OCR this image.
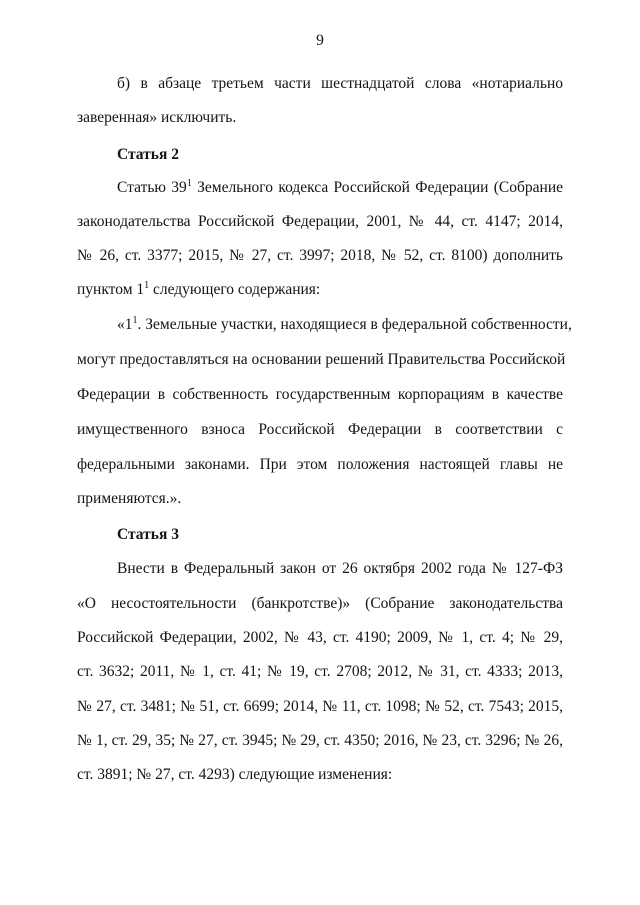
9
б) в абзаце третьем части шестнадцатой слова «нотариально
заверенная» исключить.
Статья 2
Статью $39^1$ Земельного кодекса Российской Федерации (Собрание
законодательства Российской Федерации, 2001, № 44, ст. 4147; 2014,
№ 26, ст. 3377; 2015, № 27, ст. 3997; 2018, № 52, ст. 8100) дополнить
пунктом $1^1$ следующего содержания:
«$1^1$. Земельные участки, находящиеся в федеральной собственности,
могут предоставляться на основании решений Правительства Российской
Федерации в собственность государственным корпорациям в качестве
имущественного взноса Российской Федерации в соответствии с
федеральными законами. При этом положения настоящей главы не
применяются.».
Статья 3
Внести в Федеральный закон от 26 октября 2002 года № 127-ФЗ
«О несостоятельности (банкротстве)» (Собрание законодательства
Российской Федерации, 2002, № 43, ст. 4190; 2009, № 1, ст. 4; № 29,
ст. 3632; 2011, № 1, ст. 41; № 19, ст. 2708; 2012, № 31, ст. 4333; 2013,
№ 27, ст. 3481; № 51, ст. 6699; 2014, № 11, ст. 1098; № 52, ст. 7543; 2015,
№ 1, ст. 29, 35; № 27, ст. 3945; № 29, ст. 4350; 2016, № 23, ст. 3296; № 26,
ст. 3891; № 27, ст. 4293) следующие изменения:
